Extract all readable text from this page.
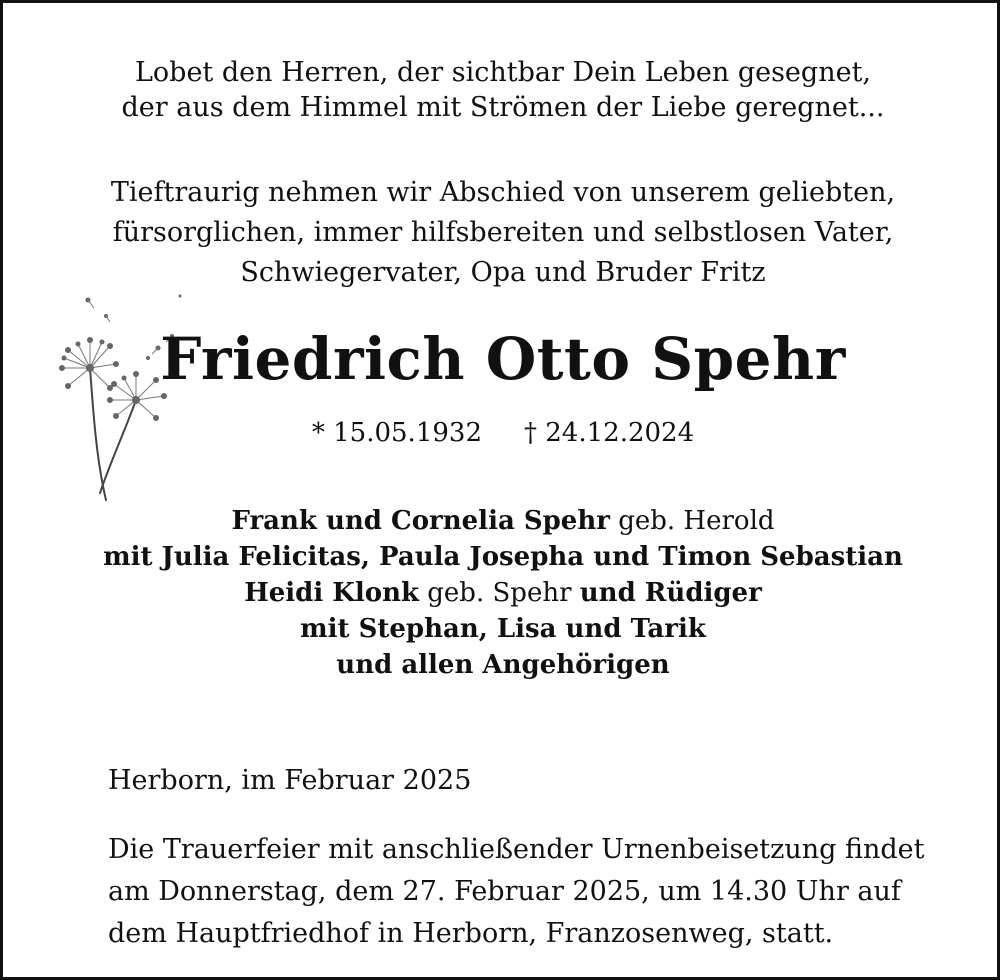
Lobet den Herren, der sichtbar Dein Leben gesegnet,
der aus dem Himmel mit Strömen der Liebe geregnet...
Tieftraurig nehmen wir Abschied von unserem geliebten,
fürsorglichen, immer hilfsbereiten und selbstlosen Vater,
Schwiegervater, Opa und Bruder Fritz
Friedrich Otto Spehr
* 15.05.1932 † 24.12.2024
Frank und Cornelia Spehr geb. Herold
mit Julia Felicitas, Paula Josepha und Timon Sebastian
Heidi Klonk geb. Spehr und Rüdiger
mit Stephan, Lisa und Tarik
und allen Angehörigen
Herborn, im Februar 2025
Die Trauerfeier mit anschließender Urnenbeisetzung findet
am Donnerstag, dem 27. Februar 2025, um 14.30 Uhr auf
dem Hauptfriedhof in Herborn, Franzosenweg, statt.
